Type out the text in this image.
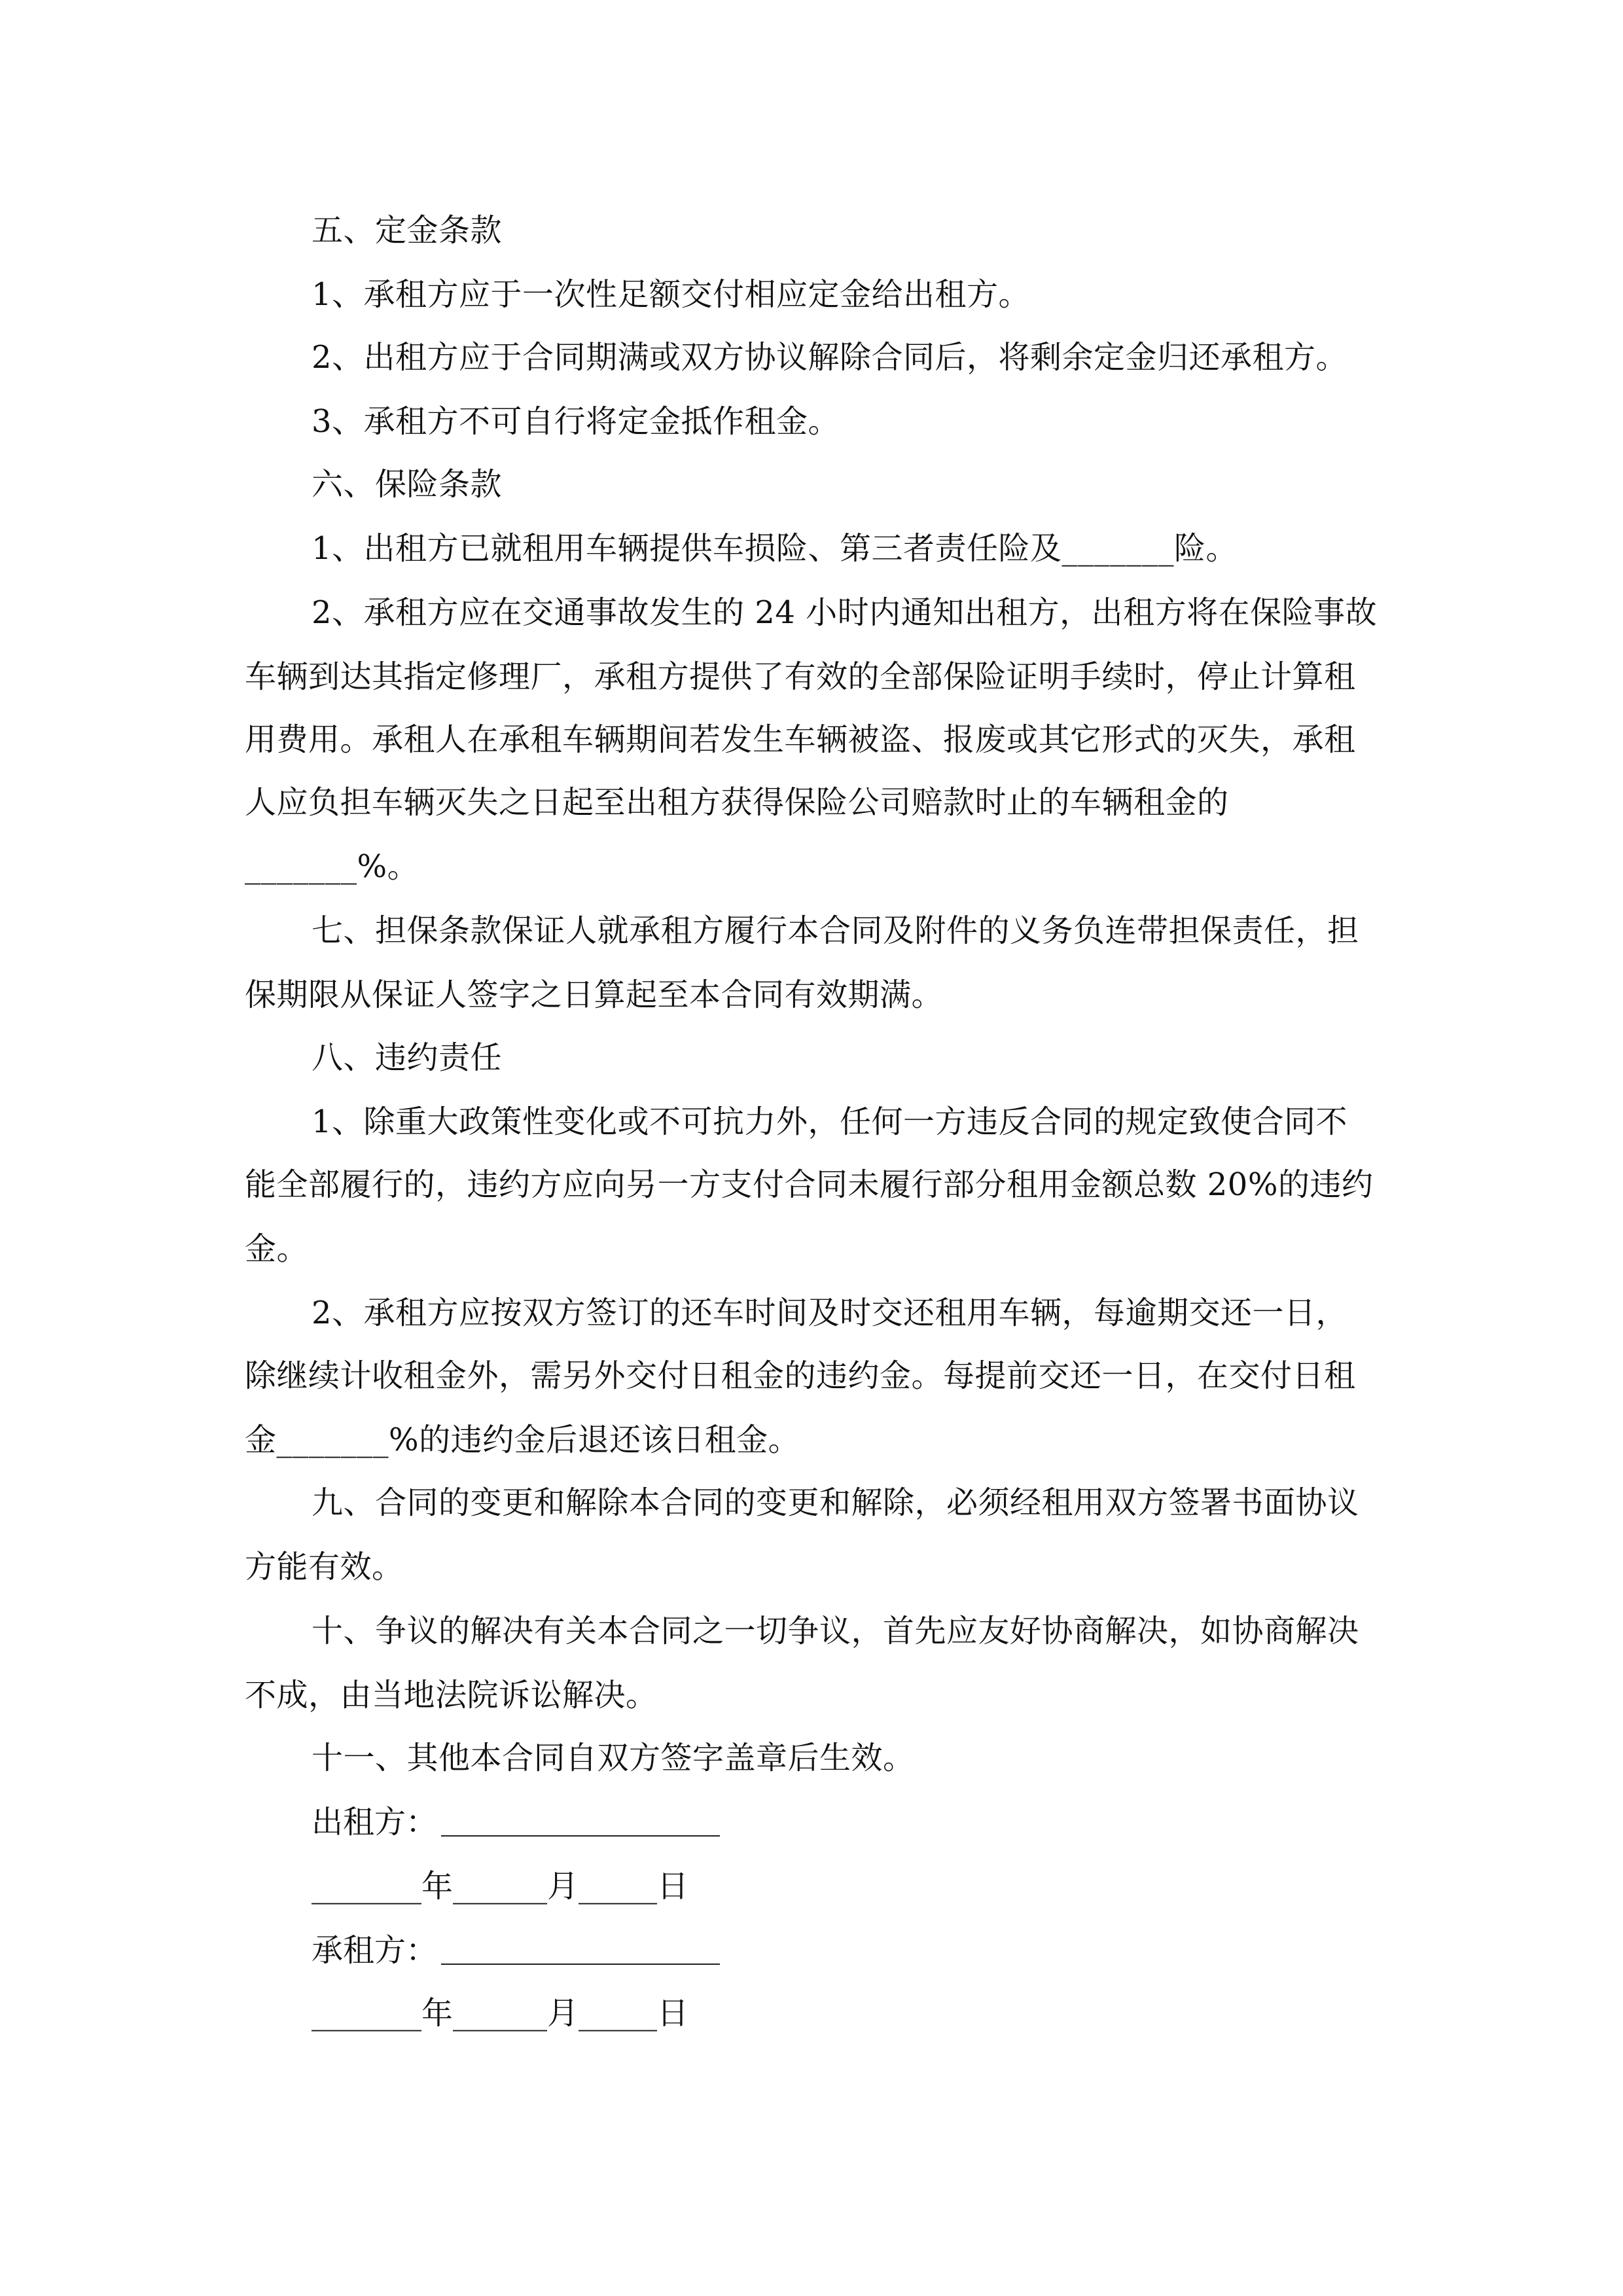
五、定金条款
1、承租方应于一次性足额交付相应定金给出租方。
2、出租方应于合同期满或双方协议解除合同后，将剩余定金归还承租方。
3、承租方不可自行将定金抵作租金。
六、保险条款
1、出租方已就租用车辆提供车损险、第三者责任险及_______险。
2、承租方应在交通事故发生的 24 小时内通知出租方，出租方将在保险事故
车辆到达其指定修理厂，承租方提供了有效的全部保险证明手续时，停止计算租
用费用。承租人在承租车辆期间若发生车辆被盗、报废或其它形式的灭失，承租
人应负担车辆灭失之日起至出租方获得保险公司赔款时止的车辆租金的
_______%。
七、担保条款保证人就承租方履行本合同及附件的义务负连带担保责任，担
保期限从保证人签字之日算起至本合同有效期满。
八、违约责任
1、除重大政策性变化或不可抗力外，任何一方违反合同的规定致使合同不
能全部履行的，违约方应向另一方支付合同未履行部分租用金额总数 20%的违约
金。
2、承租方应按双方签订的还车时间及时交还租用车辆，每逾期交还一日，
除继续计收租金外，需另外交付日租金的违约金。每提前交还一日，在交付日租
金_______%的违约金后退还该日租金。
九、合同的变更和解除本合同的变更和解除，必须经租用双方签署书面协议
方能有效。
十、争议的解决有关本合同之一切争议，首先应友好协商解决，如协商解决
不成，由当地法院诉讼解决。
十一、其他本合同自双方签字盖章后生效。
出租方：
_______年______月_____日
承租方：
_______年______月_____日
